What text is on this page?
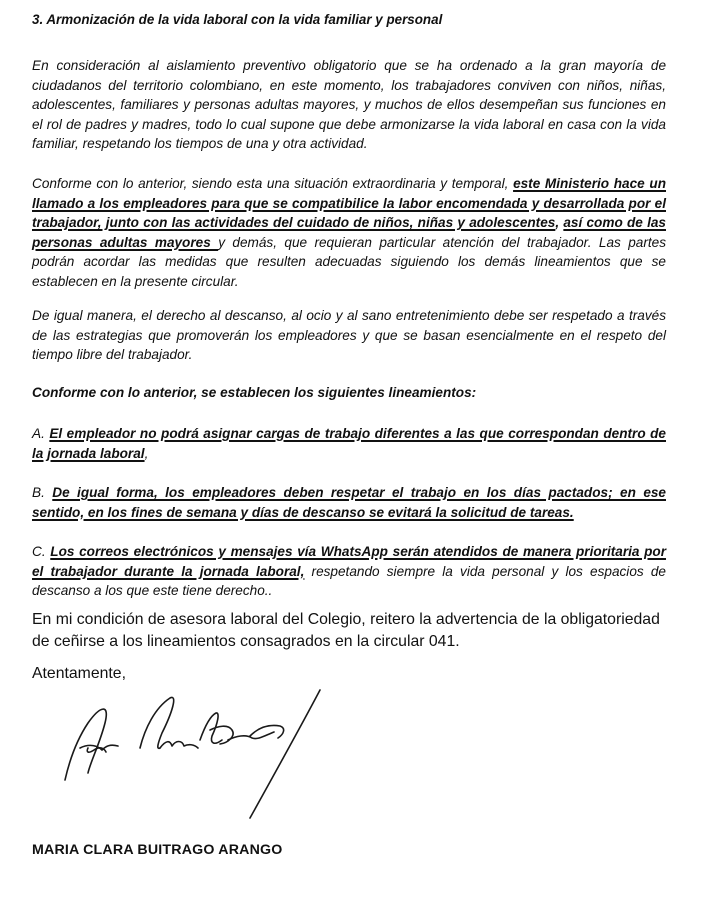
3. Armonización de la vida laboral con la vida familiar y personal
En consideración al aislamiento preventivo obligatorio que se ha ordenado a la gran mayoría de ciudadanos del territorio colombiano, en este momento, los trabajadores conviven con niños, niñas, adolescentes, familiares y personas adultas mayores, y muchos de ellos desempeñan sus funciones en el rol de padres y madres, todo lo cual supone que debe armonizarse la vida laboral en casa con la vida familiar, respetando los tiempos de una y otra actividad.
Conforme con lo anterior, siendo esta una situación extraordinaria y temporal, este Ministerio hace un llamado a los empleadores para que se compatibilice la labor encomendada y desarrollada por el trabajador, junto con las actividades del cuidado de niños, niñas y adolescentes, así como de las personas adultas mayores y demás, que requieran particular atención del trabajador. Las partes podrán acordar las medidas que resulten adecuadas siguiendo los demás lineamientos que se establecen en la presente circular.
De igual manera, el derecho al descanso, al ocio y al sano entretenimiento debe ser respetado a través de las estrategias que promoverán los empleadores y que se basan esencialmente en el respeto del tiempo libre del trabajador.
Conforme con lo anterior, se establecen los siguientes lineamientos:
A. El empleador no podrá asignar cargas de trabajo diferentes a las que correspondan dentro de la jornada laboral,
B. De igual forma, los empleadores deben respetar el trabajo en los días pactados; en ese sentido, en los fines de semana y días de descanso se evitará la solicitud de tareas.
C. Los correos electrónicos y mensajes vía WhatsApp serán atendidos de manera prioritaria por el trabajador durante la jornada laboral, respetando siempre la vida personal y los espacios de descanso a los que este tiene derecho..
En mi condición de asesora laboral del Colegio, reitero la advertencia de la obligatoriedad de ceñirse a los lineamientos consagrados en la circular 041.
Atentamente,
MARIA CLARA BUITRAGO ARANGO
